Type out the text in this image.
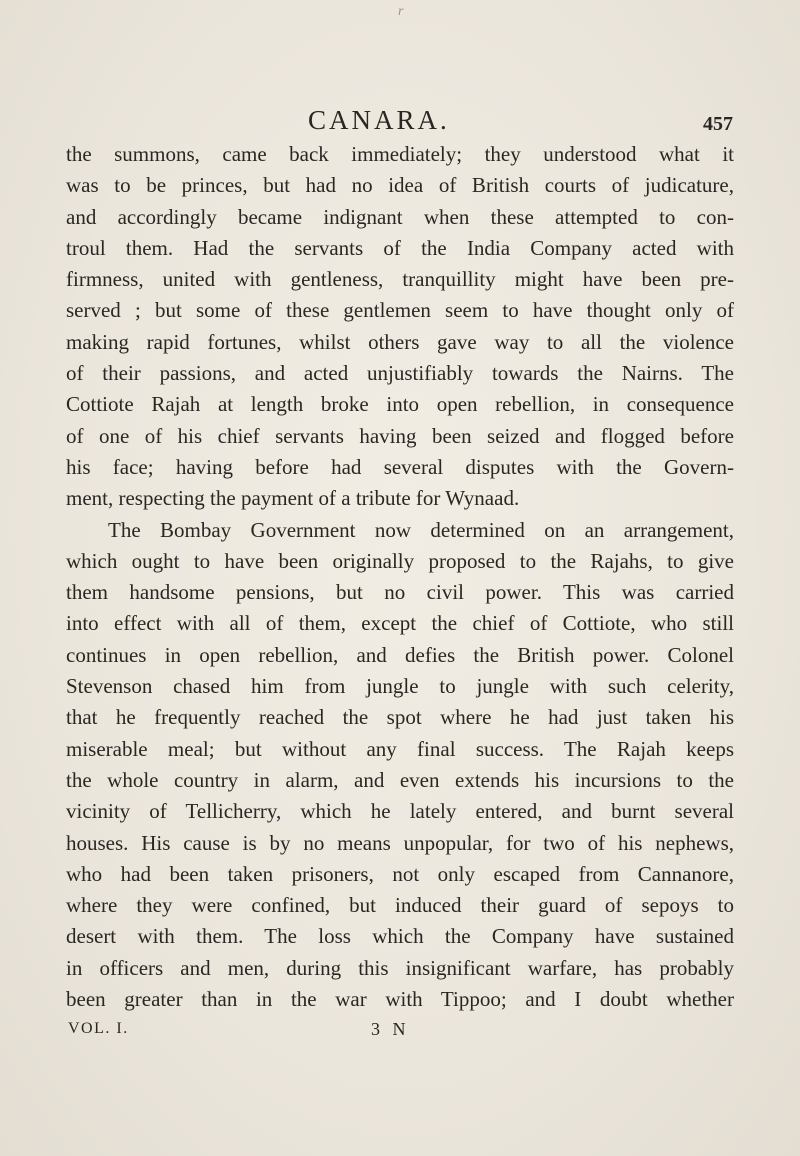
r
CANARA.	457
the summons, came back immediately; they understood what it
was to be princes, but had no idea of British courts of judicature,
and accordingly became indignant when these attempted to con-
troul them. Had the servants of the India Company acted with
firmness, united with gentleness, tranquillity might have been pre-
served ; but some of these gentlemen seem to have thought only of
making rapid fortunes, whilst others gave way to all the violence
of their passions, and acted unjustifiably towards the Nairns. The
Cottiote Rajah at length broke into open rebellion, in consequence
of one of his chief servants having been seized and flogged before
his face; having before had several disputes with the Govern-
ment, respecting the payment of a tribute for Wynaad.
The Bombay Government now determined on an arrangement,
which ought to have been originally proposed to the Rajahs, to give
them handsome pensions, but no civil power. This was carried
into effect with all of them, except the chief of Cottiote, who still
continues in open rebellion, and defies the British power. Colonel
Stevenson chased him from jungle to jungle with such celerity,
that he frequently reached the spot where he had just taken his
miserable meal; but without any final success. The Rajah keeps
the whole country in alarm, and even extends his incursions to the
vicinity of Tellicherry, which he lately entered, and burnt several
houses. His cause is by no means unpopular, for two of his nephews,
who had been taken prisoners, not only escaped from Cannanore,
where they were confined, but induced their guard of sepoys to
desert with them. The loss which the Company have sustained
in officers and men, during this insignificant warfare, has probably
been greater than in the war with Tippoo; and I doubt whether
VOL. I.	3 N
